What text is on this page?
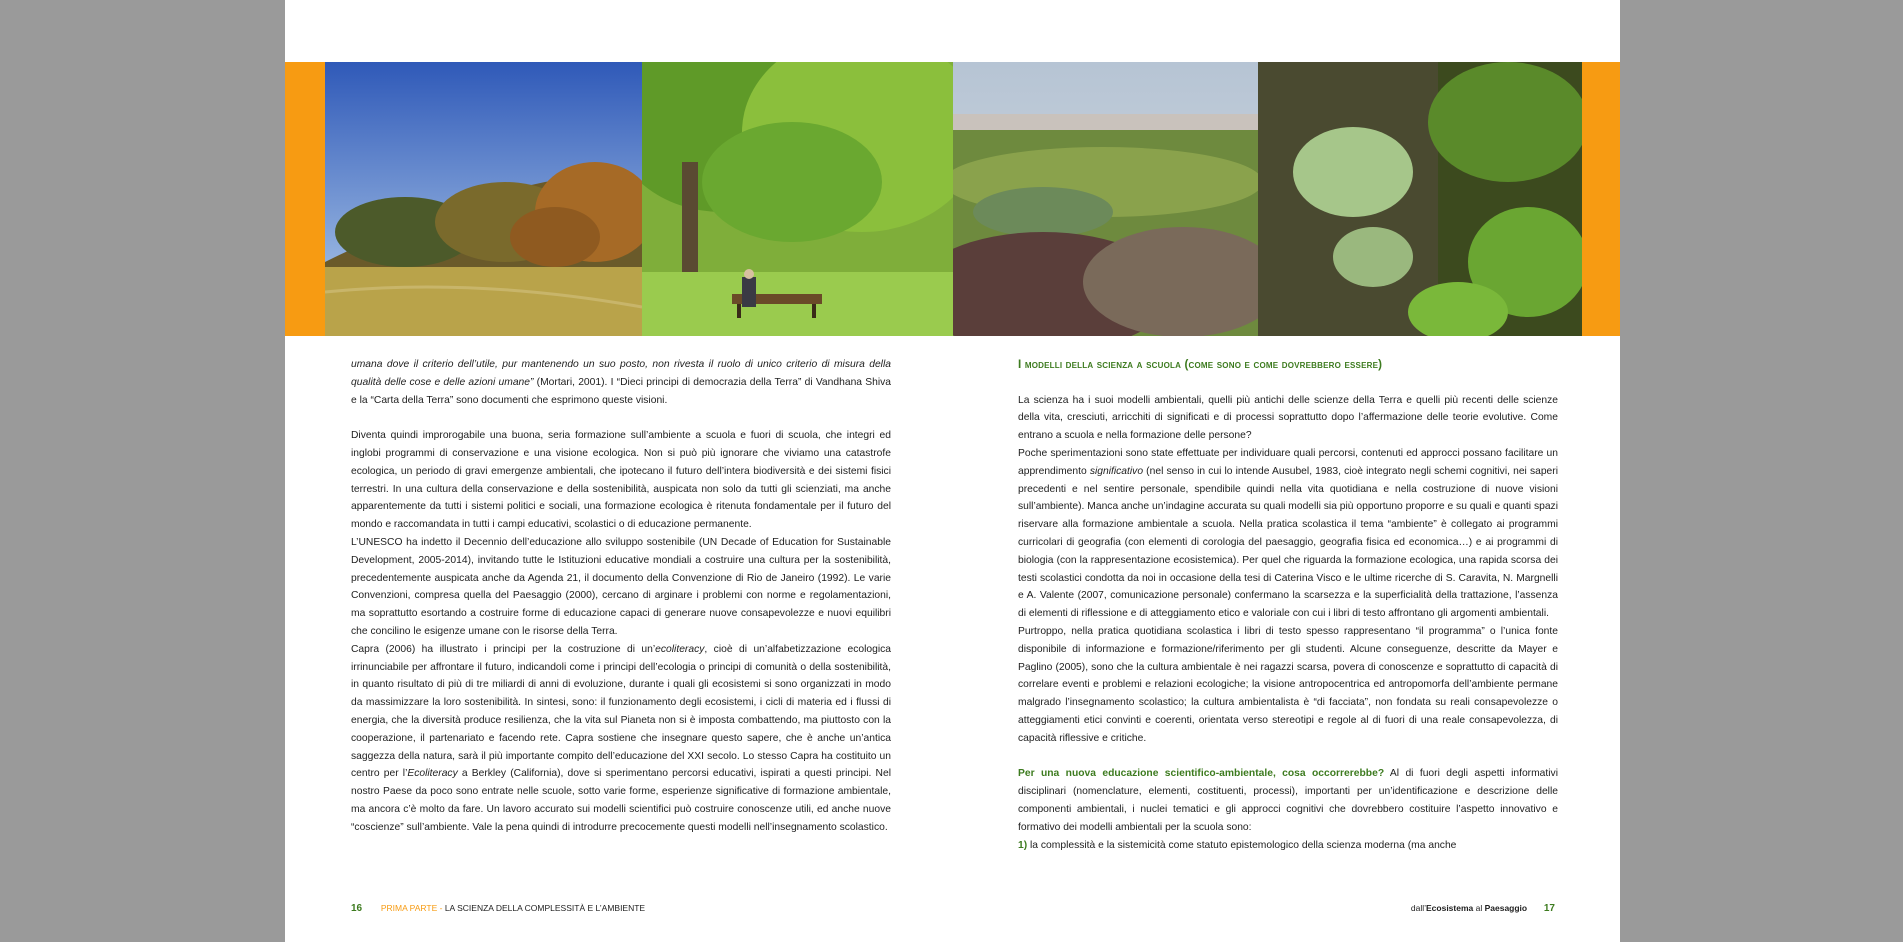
umana dove il criterio dell’utile, pur mantenendo un suo posto, non rivesta il ruolo di unico criterio di misura della qualità delle cose e delle azioni umane” (Mortari, 2001). I “Dieci principi di democrazia della Terra” di Vandhana Shiva e la “Carta della Terra” sono documenti che esprimono queste visioni.

Diventa quindi improrogabile una buona, seria formazione sull’ambiente a scuola e fuori di scuola, che integri ed inglobi programmi di conservazione e una visione ecologica. Non si può più ignorare che viviamo una catastrofe ecologica, un periodo di gravi emergenze ambientali, che ipotecano il futuro dell’intera biodiversità e dei sistemi fisici terrestri. In una cultura della conservazione e della sostenibilità, auspicata non solo da tutti gli scienziati, ma anche apparentemente da tutti i sistemi politici e sociali, una formazione ecologica è ritenuta fondamentale per il futuro del mondo e raccomandata in tutti i campi educativi, scolastici o di educazione permanente.

L’UNESCO ha indetto il Decennio dell’educazione allo sviluppo sostenibile (UN Decade of Education for Sustainable Development, 2005-2014), invitando tutte le Istituzioni educative mondiali a costruire una cultura per la sostenibilità, precedentemente auspicata anche da Agenda 21, il documento della Convenzione di Rio de Janeiro (1992). Le varie Convenzioni, compresa quella del Paesaggio (2000), cercano di arginare i problemi con norme e regolamentazioni, ma soprattutto esortando a costruire forme di educazione capaci di generare nuove consapevolezze e nuovi equilibri che concilino le esigenze umane con le risorse della Terra.

Capra (2006) ha illustrato i principi per la costruzione di un’ecoliteracy, cioè di un’alfabetizzazione ecologica irrinunciabile per affrontare il futuro, indicandoli come i principi dell’ecologia o principi di comunità o della sostenibilità, in quanto risultato di più di tre miliardi di anni di evoluzione, durante i quali gli ecosistemi si sono organizzati in modo da massimizzare la loro sostenibilità. In sintesi, sono: il funzionamento degli ecosistemi, i cicli di materia ed i flussi di energia, che la diversità produce resilienza, che la vita sul Pianeta non si è imposta combattendo, ma piuttosto con la cooperazione, il partenariato e facendo rete. Capra sostiene che insegnare questo sapere, che è anche un’antica saggezza della natura, sarà il più importante compito dell’educazione del XXI secolo. Lo stesso Capra ha costituito un centro per l’Ecoliteracy a Berkley (California), dove si sperimentano percorsi educativi, ispirati a questi principi. Nel nostro Paese da poco sono entrate nelle scuole, sotto varie forme, esperienze significative di formazione ambientale, ma ancora c’è molto da fare. Un lavoro accurato sui modelli scientifici può costruire conoscenze utili, ed anche nuove “coscienze” sull’ambiente. Vale la pena quindi di introdurre precocemente questi modelli nell’insegnamento scolastico.

I modelli della scienza a scuola (come sono e come dovrebbero essere)

La scienza ha i suoi modelli ambientali, quelli più antichi delle scienze della Terra e quelli più recenti delle scienze della vita, cresciuti, arricchiti di significati e di processi soprattutto dopo l’affermazione delle teorie evolutive. Come entrano a scuola e nella formazione delle persone?

Poche sperimentazioni sono state effettuate per individuare quali percorsi, contenuti ed approcci possano facilitare un apprendimento significativo (nel senso in cui lo intende Ausubel, 1983, cioè integrato negli schemi cognitivi, nei saperi precedenti e nel sentire personale, spendibile quindi nella vita quotidiana e nella costruzione di nuove visioni sull’ambiente). Manca anche un’indagine accurata su quali modelli sia più opportuno proporre e su quali e quanti spazi riservare alla formazione ambientale a scuola. Nella pratica scolastica il tema “ambiente” è collegato ai programmi curricolari di geografia (con elementi di corologia del paesaggio, geografia fisica ed economica…) e ai programmi di biologia (con la rappresentazione ecosistemica). Per quel che riguarda la formazione ecologica, una rapida scorsa dei testi scolastici condotta da noi in occasione della tesi di Caterina Visco e le ultime ricerche di S. Caravita, N. Margnelli e A. Valente (2007, comunicazione personale) confermano la scarsezza e la superficialità della trattazione, l’assenza di elementi di riflessione e di atteggiamento etico e valoriale con cui i libri di testo affrontano gli argomenti ambientali.

Purtroppo, nella pratica quotidiana scolastica i libri di testo spesso rappresentano “il programma” o l’unica fonte disponibile di informazione e formazione/riferimento per gli studenti. Alcune conseguenze, descritte da Mayer e Paglino (2005), sono che la cultura ambientale è nei ragazzi scarsa, povera di conoscenze e soprattutto di capacità di correlare eventi e problemi e relazioni ecologiche; la visione antropocentrica ed antropomorfa dell’ambiente permane malgrado l’insegnamento scolastico; la cultura ambientalista è “di facciata”, non fondata su reali consapevolezze o atteggiamenti etici convinti e coerenti, orientata verso stereotipi e regole al di fuori di una reale consapevolezza, di capacità riflessive e critiche.

Per una nuova educazione scientifico-ambientale, cosa occorrerebbe? Al di fuori degli aspetti informativi disciplinari (nomenclature, elementi, costituenti, processi), importanti per un’identificazione e descrizione delle componenti ambientali, i nuclei tematici e gli approcci cognitivi che dovrebbero costituire l’aspetto innovativo e formativo dei modelli ambientali per la scuola sono:

1) la complessità e la sistemicità come statuto epistemologico della scienza moderna (ma anche

16 PRIMA PARTE - LA SCIENZA DELLA COMPLESSITÀ E L’AMBIENTE	dall’Ecosistema al Paesaggio 17
